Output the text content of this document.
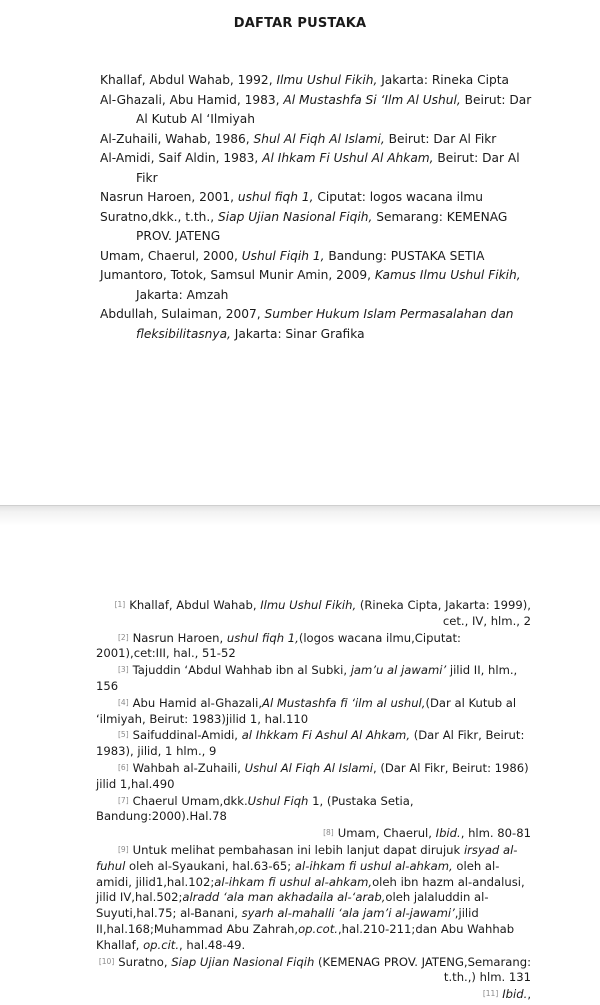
DAFTAR PUSTAKA

Khallaf, Abdul Wahab, 1992, Ilmu Ushul Fikih, Jakarta: Rineka Cipta

Al-Ghazali, Abu Hamid, 1983, Al Mustashfa Si ‘Ilm Al Ushul, Beirut: Dar Al Kutub Al ‘Ilmiyah

Al-Zuhaili, Wahab, 1986, Shul Al Fiqh Al Islami, Beirut: Dar Al Fikr

Al-Amidi, Saif Aldin, 1983, Al Ihkam Fi Ushul Al Ahkam, Beirut: Dar Al Fikr

Nasrun Haroen, 2001, ushul fiqh 1, Ciputat: logos wacana ilmu

Suratno,dkk., t.th., Siap Ujian Nasional Fiqih, Semarang: KEMENAG PROV. JATENG

Umam, Chaerul, 2000, Ushul Fiqih 1, Bandung: PUSTAKA SETIA

Jumantoro, Totok, Samsul Munir Amin, 2009, Kamus Ilmu Ushul Fikih, Jakarta: Amzah

Abdullah, Sulaiman, 2007, Sumber Hukum Islam Permasalahan dan fleksibilitasnya, Jakarta: Sinar Grafika

[1] Khallaf, Abdul Wahab, Ilmu Ushul Fikih, (Rineka Cipta, Jakarta: 1999), cet., IV, hlm., 2

[2] Nasrun Haroen, ushul fiqh 1,(logos wacana ilmu,Ciputat: 2001),cet:III, hal., 51-52

[3] Tajuddin ‘Abdul Wahhab ibn al Subki, jam’u al jawami’ jilid II, hlm., 156

[4] Abu Hamid al-Ghazali,Al Mustashfa fi ‘ilm al ushul,(Dar al Kutub al ‘ilmiyah, Beirut: 1983)jilid 1, hal.110

[5] Saifuddinal-Amidi, al Ihkkam Fi Ashul Al Ahkam, (Dar Al Fikr, Beirut: 1983), jilid, 1 hlm., 9

[6] Wahbah al-Zuhaili, Ushul Al Fiqh Al Islami, (Dar Al Fikr, Beirut: 1986) jilid 1,hal.490

[7] Chaerul Umam,dkk.Ushul Fiqh 1, (Pustaka Setia, Bandung:2000).Hal.78

[8] Umam, Chaerul, Ibid., hlm. 80-81

[9] Untuk melihat pembahasan ini lebih lanjut dapat dirujuk irsyad al-fuhul oleh al-Syaukani, hal.63-65; al-ihkam fi ushul al-ahkam, oleh al-amidi, jilid1,hal.102;al-ihkam fi ushul al-ahkam,oleh ibn hazm al-andalusi, jilid IV,hal.502;alradd ‘ala man akhadaila al-‘arab,oleh jalaluddin al-Suyuti,hal.75; al-Banani, syarh al-mahalli ‘ala jam’i al-jawami’,jilid II,hal.168;Muhammad Abu Zahrah,op.cot.,hal.210-211;dan Abu Wahhab Khallaf, op.cit., hal.48-49.

[10] Suratno, Siap Ujian Nasional Fiqih (KEMENAG PROV. JATENG,Semarang: t.th.,) hlm. 131

[11] Ibid.,
